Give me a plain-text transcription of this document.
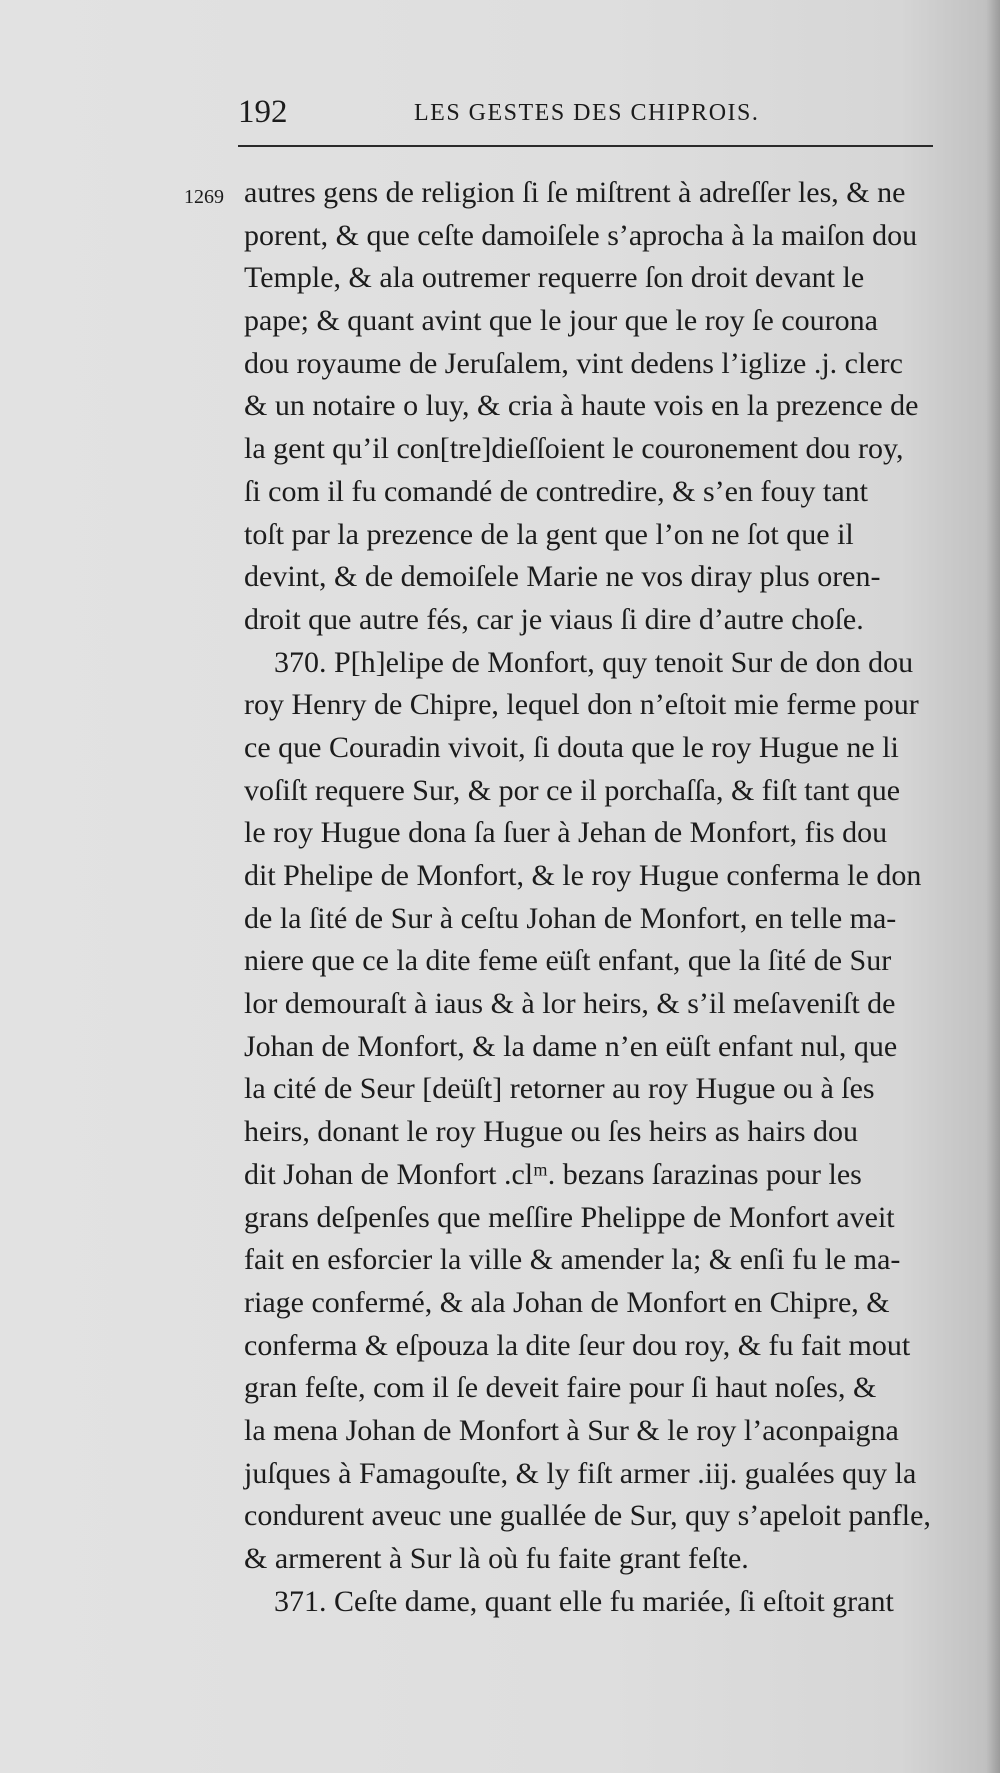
192	LES GESTES DES CHIPROIS.
1269 autres gens de religion ſi ſe miſtrent à adreſſer les, & ne
porent, & que ceſte damoiſele s’aprocha à la maiſon dou
Temple, & ala outremer requerre ſon droit devant le
pape; & quant avint que le jour que le roy ſe courona
dou royaume de Jeruſalem, vint dedens l’iglize .j. clerc
& un notaire o luy, & cria à haute vois en la prezence de
la gent qu’il con[tre]dieſſoient le couronement dou roy,
ſi com il fu comandé de contredire, & s’en fouy tant
toſt par la prezence de la gent que l’on ne ſot que il
devint, & de demoiſele Marie ne vos diray plus oren-
droit que autre fés, car je viaus ſi dire d’autre choſe.
370. P[h]elipe de Monfort, quy tenoit Sur de don dou
roy Henry de Chipre, lequel don n’eſtoit mie ferme pour
ce que Couradin vivoit, ſi douta que le roy Hugue ne li
voſiſt requere Sur, & por ce il porchaſſa, & fiſt tant que
le roy Hugue dona ſa ſuer à Jehan de Monfort, fis dou
dit Phelipe de Monfort, & le roy Hugue conferma le don
de la ſité de Sur à ceſtu Johan de Monfort, en telle ma-
niere que ce la dite feme eüſt enfant, que la ſité de Sur
lor demouraſt à iaus & à lor heirs, & s’il meſaveniſt de
Johan de Monfort, & la dame n’en eüſt enfant nul, que
la cité de Seur [deüſt] retorner au roy Hugue ou à ſes
heirs, donant le roy Hugue ou ſes heirs as hairs dou
dit Johan de Monfort .clᵐ. bezans ſarazinas pour les
grans deſpenſes que meſſire Phelippe de Monfort aveit
fait en esforcier la ville & amender la; & enſi fu le ma-
riage confermé, & ala Johan de Monfort en Chipre, &
conferma & eſpouza la dite ſeur dou roy, & fu fait mout
gran feſte, com il ſe deveit faire pour ſi haut noſes, &
la mena Johan de Monfort à Sur & le roy l’aconpaigna
juſques à Famagouſte, & ly fiſt armer .iij. gualées quy la
condurent aveuc une guallée de Sur, quy s’apeloit panfle,
& armerent à Sur là où fu faite grant feſte.
371. Ceſte dame, quant elle fu mariée, ſi eſtoit grant
